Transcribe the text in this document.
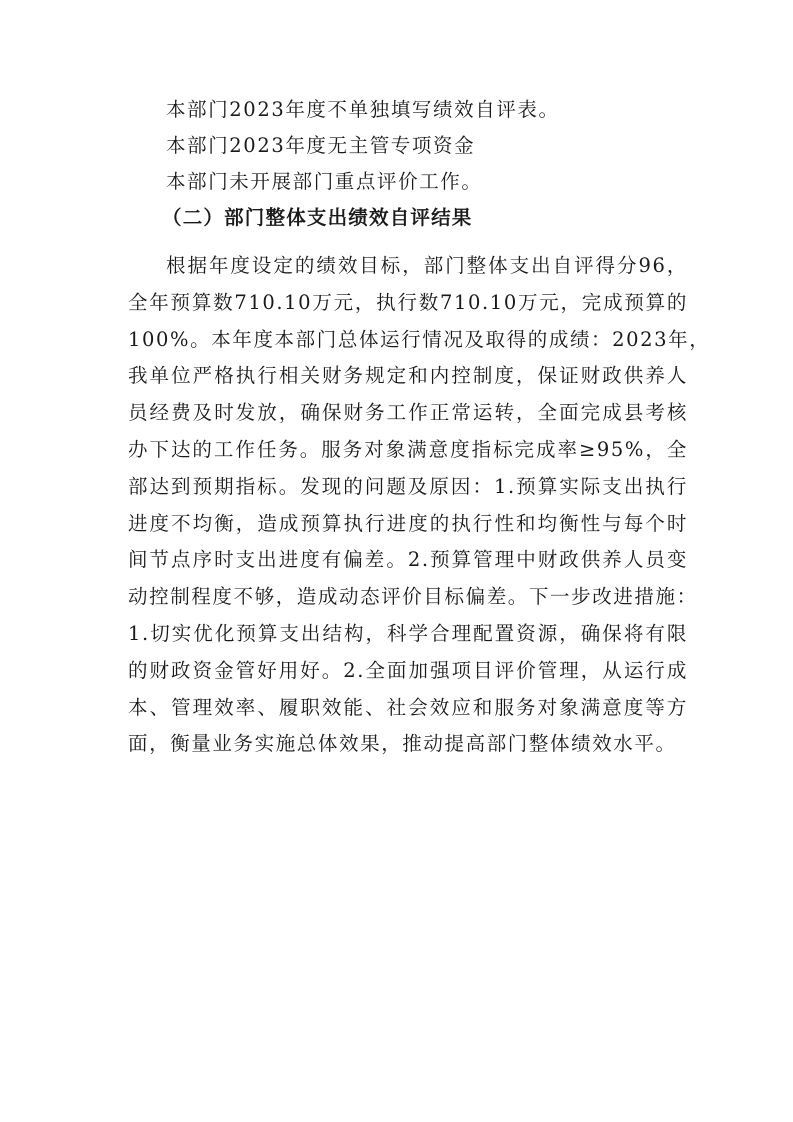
本部门2023年度不单独填写绩效自评表。
本部门2023年度无主管专项资金
本部门未开展部门重点评价工作。
（二）部门整体支出绩效自评结果
根据年度设定的绩效目标，部门整体支出自评得分96，
全年预算数710.10万元，执行数710.10万元，完成预算的
100%。本年度本部门总体运行情况及取得的成绩：2023年，
我单位严格执行相关财务规定和内控制度，保证财政供养人
员经费及时发放，确保财务工作正常运转，全面完成县考核
办下达的工作任务。服务对象满意度指标完成率≥95%，全
部达到预期指标。发现的问题及原因：1.预算实际支出执行
进度不均衡，造成预算执行进度的执行性和均衡性与每个时
间节点序时支出进度有偏差。2.预算管理中财政供养人员变
动控制程度不够，造成动态评价目标偏差。下一步改进措施：
1.切实优化预算支出结构，科学合理配置资源，确保将有限
的财政资金管好用好。2.全面加强项目评价管理，从运行成
本、管理效率、履职效能、社会效应和服务对象满意度等方
面，衡量业务实施总体效果，推动提高部门整体绩效水平。
